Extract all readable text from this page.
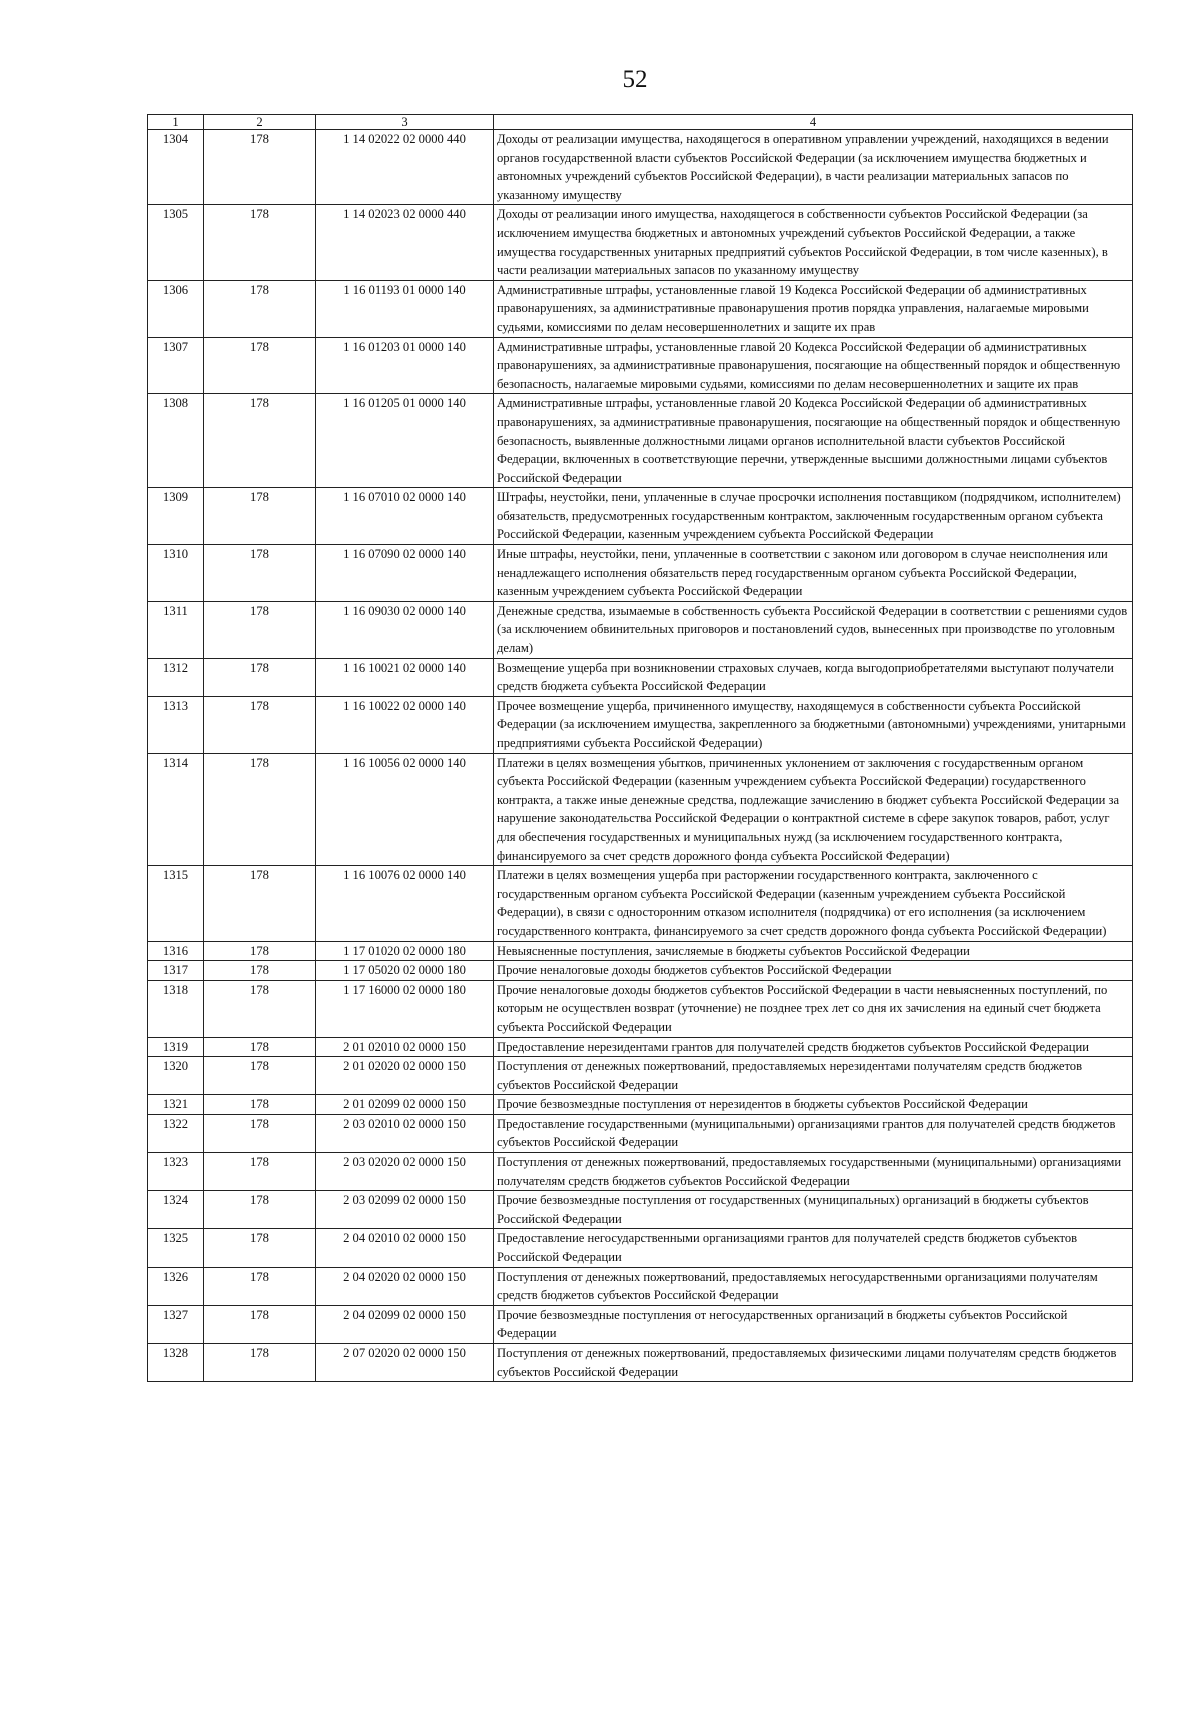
52
1	2	3	4
1304	178	1 14 02022 02 0000 440	Доходы от реализации имущества, находящегося в оперативном управлении учреждений, находящихся в ведении органов государственной власти субъектов Российской Федерации (за исключением имущества бюджетных и автономных учреждений субъектов Российской Федерации), в части реализации материальных запасов по указанному имуществу
1305	178	1 14 02023 02 0000 440	Доходы от реализации иного имущества, находящегося в собственности субъектов Российской Федерации (за исключением имущества бюджетных и автономных учреждений субъектов Российской Федерации, а также имущества государственных унитарных предприятий субъектов Российской Федерации, в том числе казенных), в части реализации материальных запасов по указанному имуществу
1306	178	1 16 01193 01 0000 140	Административные штрафы, установленные главой 19 Кодекса Российской Федерации об административных правонарушениях, за административные правонарушения против порядка управления, налагаемые мировыми судьями, комиссиями по делам несовершеннолетних и защите их прав
1307	178	1 16 01203 01 0000 140	Административные штрафы, установленные главой 20 Кодекса Российской Федерации об административных правонарушениях, за административные правонарушения, посягающие на общественный порядок и общественную безопасность, налагаемые мировыми судьями, комиссиями по делам несовершеннолетних и защите их прав
1308	178	1 16 01205 01 0000 140	Административные штрафы, установленные главой 20 Кодекса Российской Федерации об административных правонарушениях, за административные правонарушения, посягающие на общественный порядок и общественную безопасность, выявленные должностными лицами органов исполнительной власти субъектов Российской Федерации, включенных в соответствующие перечни, утвержденные высшими должностными лицами субъектов Российской Федерации
1309	178	1 16 07010 02 0000 140	Штрафы, неустойки, пени, уплаченные в случае просрочки исполнения поставщиком (подрядчиком, исполнителем) обязательств, предусмотренных государственным контрактом, заключенным государственным органом субъекта Российской Федерации, казенным учреждением субъекта Российской Федерации
1310	178	1 16 07090 02 0000 140	Иные штрафы, неустойки, пени, уплаченные в соответствии с законом или договором в случае неисполнения или ненадлежащего исполнения обязательств перед государственным органом субъекта Российской Федерации, казенным учреждением субъекта Российской Федерации
1311	178	1 16 09030 02 0000 140	Денежные средства, изымаемые в собственность субъекта Российской Федерации в соответствии с решениями судов (за исключением обвинительных приговоров и постановлений судов, вынесенных при производстве по уголовным делам)
1312	178	1 16 10021 02 0000 140	Возмещение ущерба при возникновении страховых случаев, когда выгодоприобретателями выступают получатели средств бюджета субъекта Российской Федерации
1313	178	1 16 10022 02 0000 140	Прочее возмещение ущерба, причиненного имуществу, находящемуся в собственности субъекта Российской Федерации (за исключением имущества, закрепленного за бюджетными (автономными) учреждениями, унитарными предприятиями субъекта Российской Федерации)
1314	178	1 16 10056 02 0000 140	Платежи в целях возмещения убытков, причиненных уклонением от заключения с государственным органом субъекта Российской Федерации (казенным учреждением субъекта Российской Федерации) государственного контракта, а также иные денежные средства, подлежащие зачислению в бюджет субъекта Российской Федерации за нарушение законодательства Российской Федерации о контрактной системе в сфере закупок товаров, работ, услуг для обеспечения государственных и муниципальных нужд (за исключением государственного контракта, финансируемого за счет средств дорожного фонда субъекта Российской Федерации)
1315	178	1 16 10076 02 0000 140	Платежи в целях возмещения ущерба при расторжении государственного контракта, заключенного с государственным органом субъекта Российской Федерации (казенным учреждением субъекта Российской Федерации), в связи с односторонним отказом исполнителя (подрядчика) от его исполнения (за исключением государственного контракта, финансируемого за счет средств дорожного фонда субъекта Российской Федерации)
1316	178	1 17 01020 02 0000 180	Невыясненные поступления, зачисляемые в бюджеты субъектов Российской Федерации
1317	178	1 17 05020 02 0000 180	Прочие неналоговые доходы бюджетов субъектов Российской Федерации
1318	178	1 17 16000 02 0000 180	Прочие неналоговые доходы бюджетов субъектов Российской Федерации в части невыясненных поступлений, по которым не осуществлен возврат (уточнение) не позднее трех лет со дня их зачисления на единый счет бюджета субъекта Российской Федерации
1319	178	2 01 02010 02 0000 150	Предоставление нерезидентами грантов для получателей средств бюджетов субъектов Российской Федерации
1320	178	2 01 02020 02 0000 150	Поступления от денежных пожертвований, предоставляемых нерезидентами получателям средств бюджетов субъектов Российской Федерации
1321	178	2 01 02099 02 0000 150	Прочие безвозмездные поступления от нерезидентов в бюджеты субъектов Российской Федерации
1322	178	2 03 02010 02 0000 150	Предоставление государственными (муниципальными) организациями грантов для получателей средств бюджетов субъектов Российской Федерации
1323	178	2 03 02020 02 0000 150	Поступления от денежных пожертвований, предоставляемых государственными (муниципальными) организациями получателям средств бюджетов субъектов Российской Федерации
1324	178	2 03 02099 02 0000 150	Прочие безвозмездные поступления от государственных (муниципальных) организаций в бюджеты субъектов Российской Федерации
1325	178	2 04 02010 02 0000 150	Предоставление негосударственными организациями грантов для получателей средств бюджетов субъектов Российской Федерации
1326	178	2 04 02020 02 0000 150	Поступления от денежных пожертвований, предоставляемых негосударственными организациями получателям средств бюджетов субъектов Российской Федерации
1327	178	2 04 02099 02 0000 150	Прочие безвозмездные поступления от негосударственных организаций в бюджеты субъектов Российской Федерации
1328	178	2 07 02020 02 0000 150	Поступления от денежных пожертвований, предоставляемых физическими лицами получателям средств бюджетов субъектов Российской Федерации
